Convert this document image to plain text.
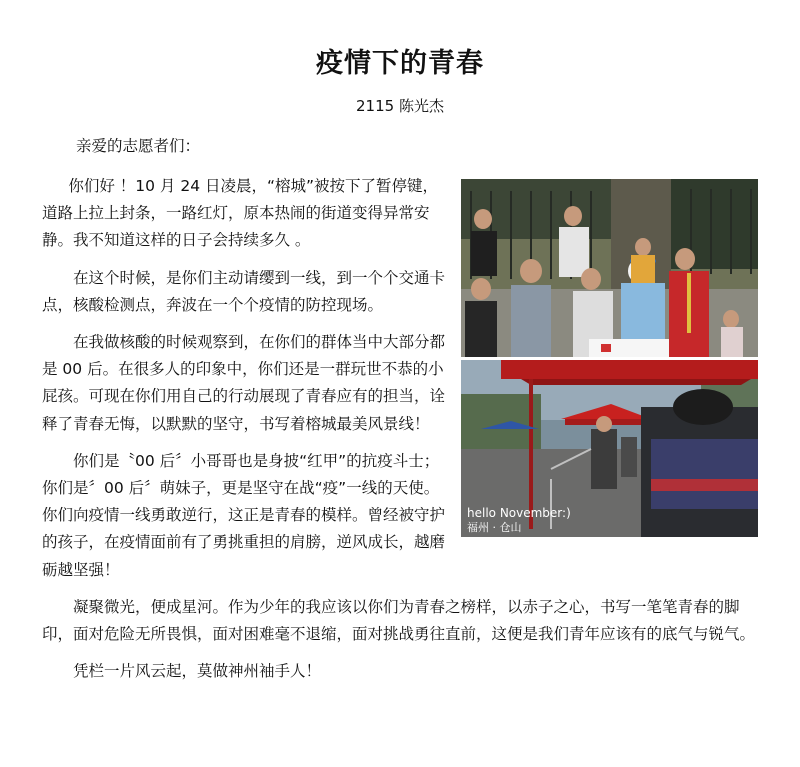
疫情下的青春
2115 陈光杰
亲爱的志愿者们：
hello November:)
福州 · 仓山

你们好 ！10 月 24 日凌晨，“榕城”被按下了暂停键，道路上拉上封条，一路红灯，原本热闹的街道变得异常安静。我不知道这样的日子会持续多久 。

在这个时候，是你们主动请缨到一线，到一个个交通卡点，核酸检测点，奔波在一个个疫情的防控现场。

在我做核酸的时候观察到，在你们的群体当中大部分都是 00 后。在很多人的印象中，你们还是一群玩世不恭的小屁孩。可现在你们用自己的行动展现了青春应有的担当，诠释了青春无悔，以默默的坚守，书写着榕城最美风景线！

你们是〝00 后〞小哥哥也是身披“红甲”的抗疫斗士；你们是〞00 后〞萌妹子，更是坚守在战“疫”一线的天使。你们向疫情一线勇敢逆行，这正是青春的模样。曾经被守护的孩子，在疫情面前有了勇挑重担的肩膀，逆风成长，越磨砺越坚强！

凝聚微光，便成星河。作为少年的我应该以你们为青春之榜样，以赤子之心，书写一笔笔青春的脚印，面对危险无所畏惧，面对困难毫不退缩，面对挑战勇往直前，这便是我们青年应该有的底气与锐气。

凭栏一片风云起，莫做神州袖手人！
